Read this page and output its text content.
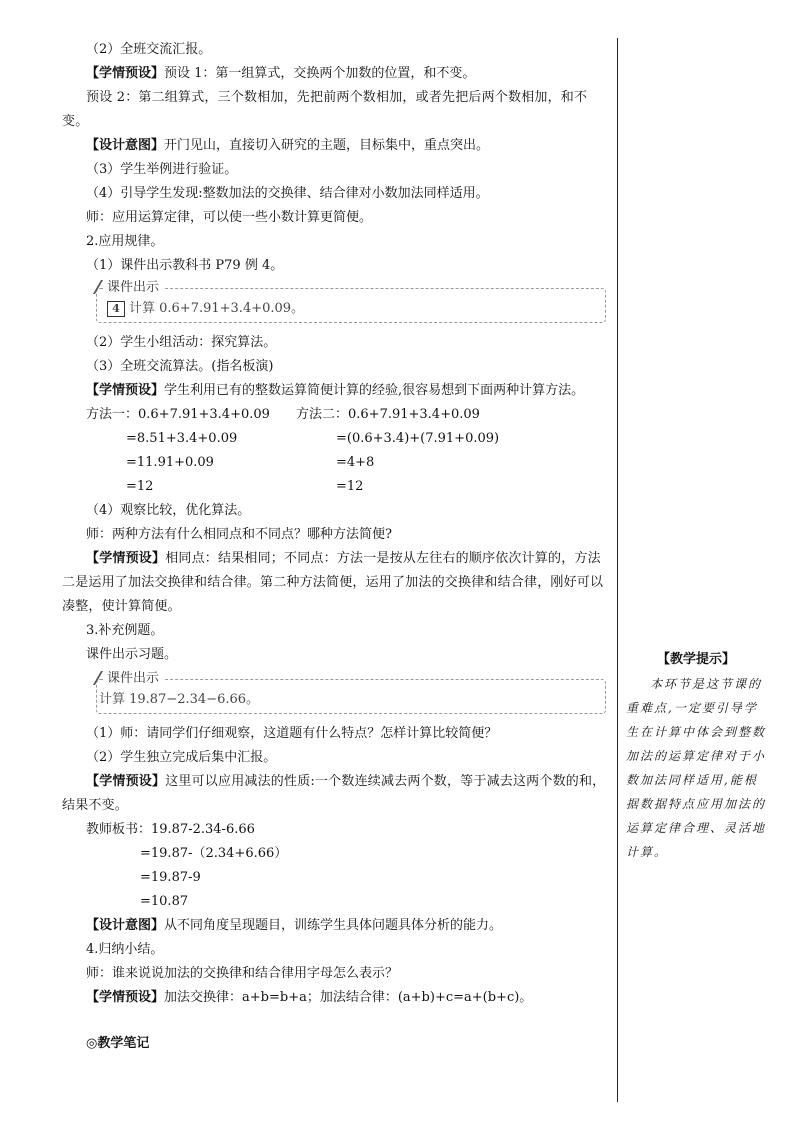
（2）全班交流汇报。
【学情预设】预设 1：第一组算式，交换两个加数的位置，和不变。
预设 2：第二组算式，三个数相加，先把前两个数相加，或者先把后两个数相加，和不变。
【设计意图】开门见山，直接切入研究的主题，目标集中，重点突出。
（3）学生举例进行验证。
（4）引导学生发现:整数加法的交换律、结合律对小数加法同样适用。
师：应用运算定律，可以使一些小数计算更简便。
2.应用规律。
（1）课件出示教科书 P79 例 4。
课件出示
4 计算 0.6+7.91+3.4+0.09。
（2）学生小组活动：探究算法。
（3）全班交流算法。(指名板演)
【学情预设】学生利用已有的整数运算简便计算的经验,很容易想到下面两种计算方法。
方法一：0.6+7.91+3.4+0.09	方法二：0.6+7.91+3.4+0.09
=8.51+3.4+0.09	=(0.6+3.4)+(7.91+0.09)
=11.91+0.09	=4+8
=12	=12
（4）观察比较，优化算法。
师：两种方法有什么相同点和不同点？哪种方法简便?
【学情预设】相同点：结果相同；不同点：方法一是按从左往右的顺序依次计算的，方法二是运用了加法交换律和结合律。第二种方法简便，运用了加法的交换律和结合律，刚好可以凑整，使计算简便。
3.补充例题。
课件出示习题。
课件出示
计算 19.87−2.34−6.66。
（1）师：请同学们仔细观察，这道题有什么特点？怎样计算比较简便？
（2）学生独立完成后集中汇报。
【学情预设】这里可以应用减法的性质:一个数连续减去两个数，等于减去这两个数的和，结果不变。
教师板书：19.87-2.34-6.66
=19.87-（2.34+6.66）
=19.87-9
=10.87
【设计意图】从不同角度呈现题目，训练学生具体问题具体分析的能力。
4.归纳小结。
师：谁来说说加法的交换律和结合律用字母怎么表示？
【学情预设】加法交换律：a+b=b+a；加法结合律：(a+b)+c=a+(b+c)。
◎教学笔记
【教学提示】
本环节是这节课的重难点,一定要引导学生在计算中体会到整数加法的运算定律对于小数加法同样适用,能根据数据特点应用加法的运算定律合理、灵活地计算。
